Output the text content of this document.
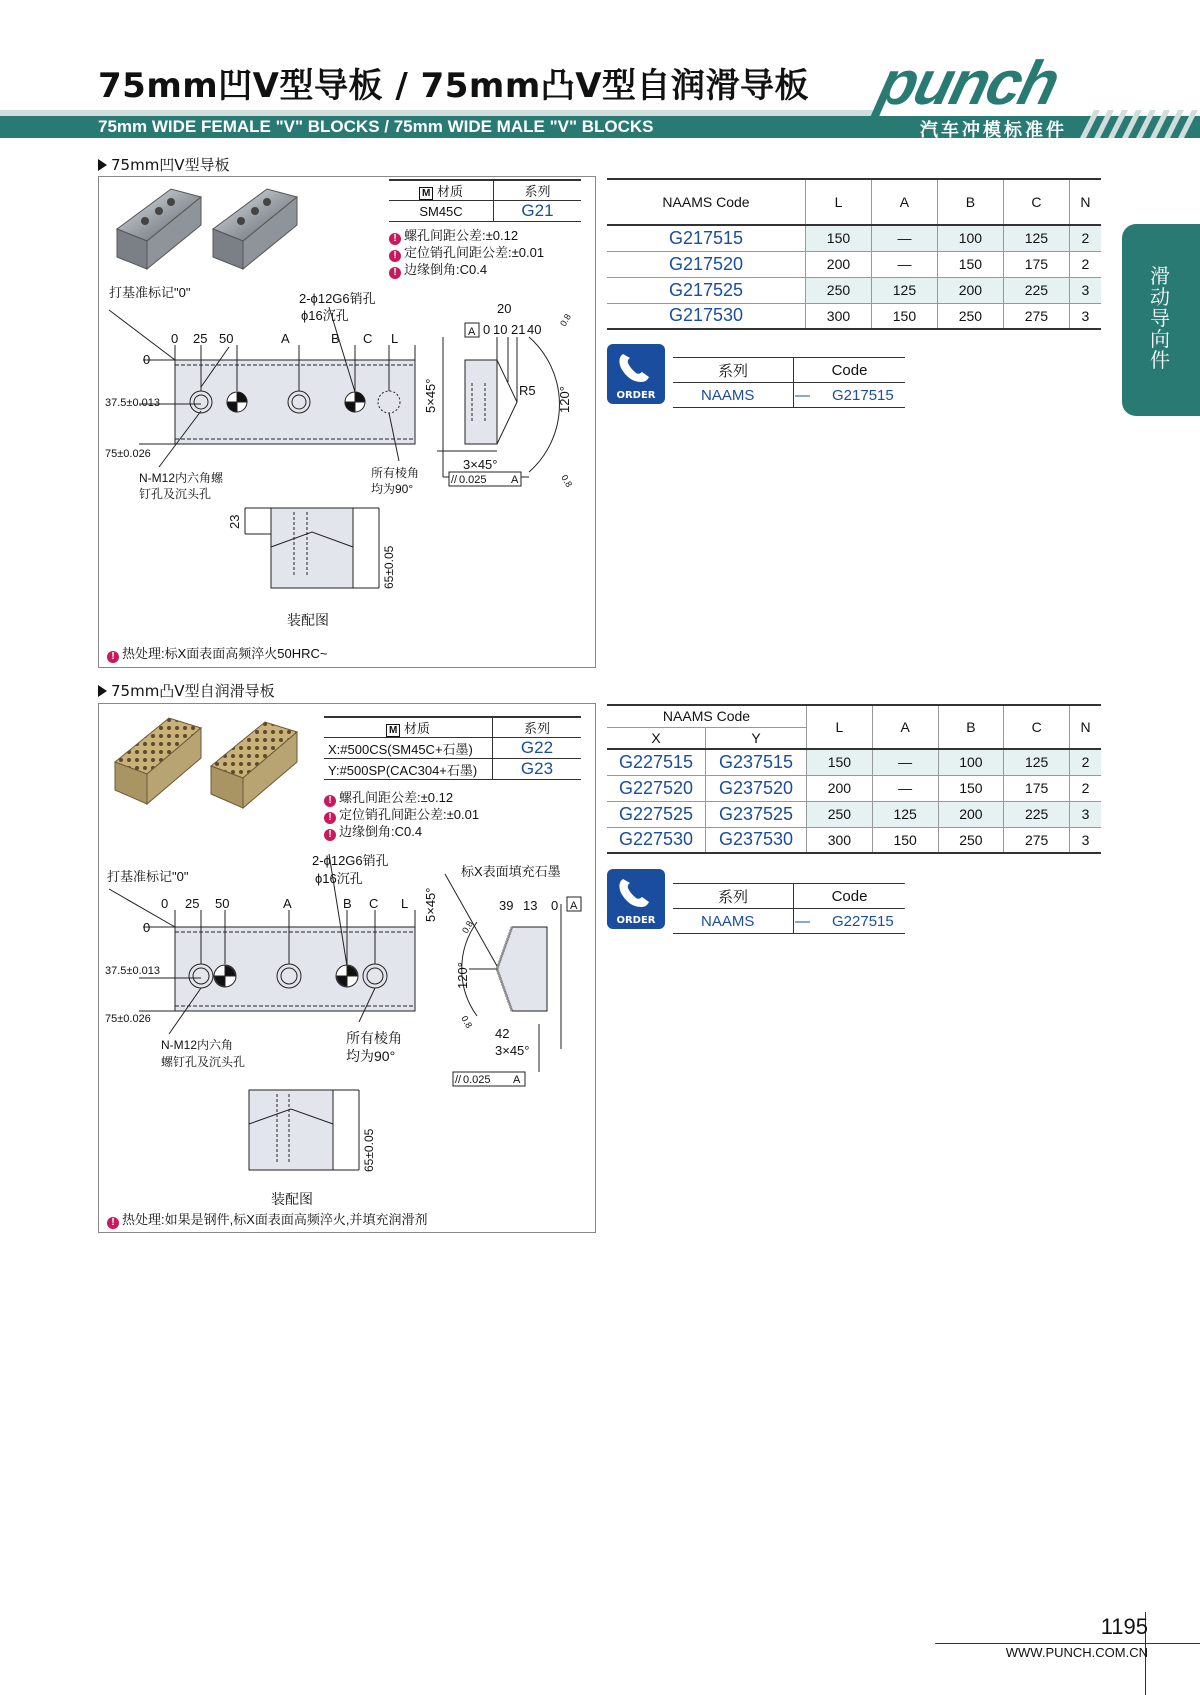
75mm凹V型导板 / 75mm凸V型自润滑导板
75mm WIDE FEMALE "V" BLOCKS / 75mm WIDE MALE "V" BLOCKS
punch
汽车冲模标准件
滑动导向件
75mm凹V型导板
M 材质	系列
SM45C	G21
! 螺孔间距公差:±0.12
! 定位销孔间距公差:±0.01
! 边缘倒角:C0.4
打基准标记"0"
0 25 50	A	B C L
2-ϕ12G6销孔
ϕ16沉孔
0
37.5±0.013
75±0.026
N-M12内六角螺
钉孔及沉头孔
所有棱角
均为90°
5×45°
20
0 10 21 40
A
R5 120°
0.8
0.8
3×45°
0.025 A
//
23
65±0.05
装配图
! 热处理:标X面表面高频淬火50HRC~
NAAMS Code	L	A	B	C	N
G217515	150	—	100	125	2
G217520	200	—	150	175	2
G217525	250	125	200	225	3
G217530	300	150	250	275	3
ORDER
系列	Code
NAAMS	— G217515
75mm凸V型自润滑导板
M 材质	系列
X:#500CS(SM45C+石墨)	G22
Y:#500SP(CAC304+石墨)	G23
! 螺孔间距公差:±0.12
! 定位销孔间距公差:±0.01
! 边缘倒角:C0.4
打基准标记"0"
0 25 50	A	B C L
2-ϕ12G6销孔
ϕ16沉孔
0
37.5±0.013
75±0.026
N-M12内六角
螺钉孔及沉头孔
所有棱角
均为90°
5×45°
标X表面填充石墨
39 13 0 A
120°
0.8
0.8
42
3×45°
// 0.025 A
65±0.05
装配图
! 热处理:如果是钢件,标X面表面高频淬火,并填充润滑剂
NAAMS Code		L	A	B	C	N
X	Y					
G227515	G237515	150	—	100	125	2
G227520	G237520	200	—	150	175	2
G227525	G237525	250	125	200	225	3
G227530	G237530	300	150	250	275	3
ORDER
系列	Code
NAAMS	— G227515
1195
WWW.PUNCH.COM.CN
